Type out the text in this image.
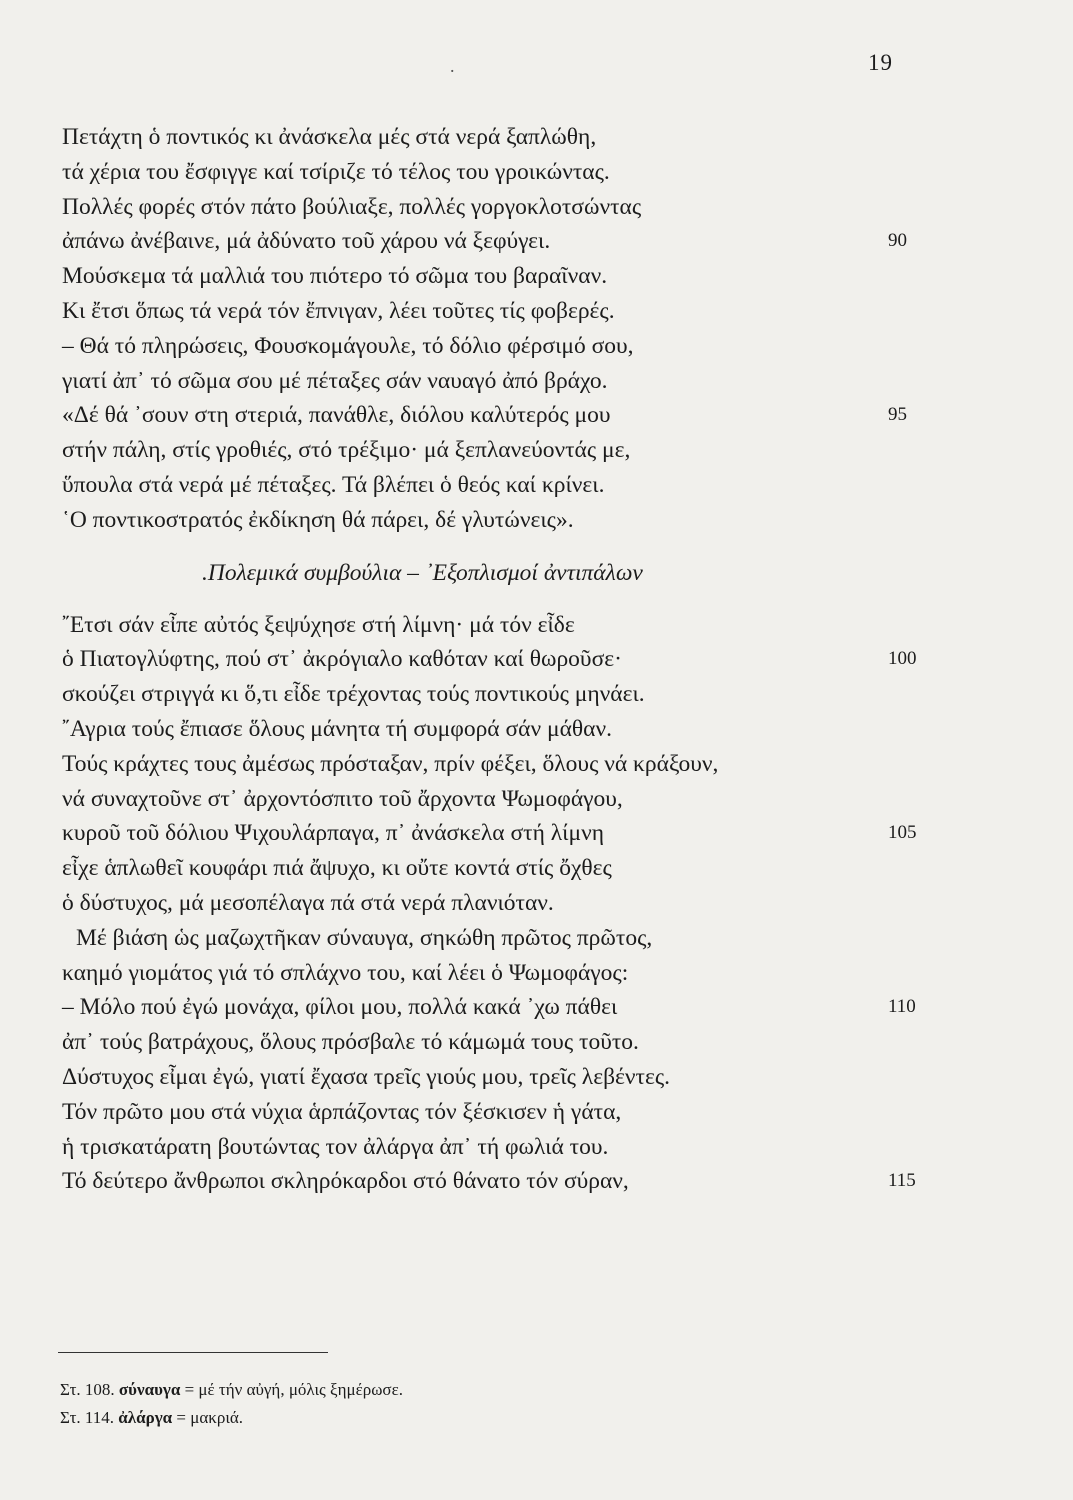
19
.
Πετάχτη ὁ ποντικός κι ἀνάσκελα μές στά νερά ξαπλώθη,
τά χέρια του ἔσφιγγε καί τσίριζε τό τέλος του γροικώντας.
Πολλές φορές στόν πάτο βούλιαξε, πολλές γοργοκλοτσώντας
ἀπάνω ἀνέβαινε, μά ἀδύνατο τοῦ χάρου νά ξεφύγει.	90
Μούσκεμα τά μαλλιά του πιότερο τό σῶμα του βαραῖναν.
Κι ἔτσι ὅπως τά νερά τόν ἔπνιγαν, λέει τοῦτες τίς φοβερές.
– Θά τό πληρώσεις, Φουσκομάγουλε, τό δόλιο φέρσιμό σου,
γιατί ἀπ᾽ τό σῶμα σου μέ πέταξες σάν ναυαγό ἀπό βράχο.
«Δέ θά ᾽σουν στη στεριά, πανάθλε, διόλου καλύτερός μου	95
στήν πάλη, στίς γροθιές, στό τρέξιμο· μά ξεπλανεύοντάς με,
ὕπουλα στά νερά μέ πέταξες. Τά βλέπει ὁ θεός καί κρίνει.
῾Ο ποντικοστρατός ἐκδίκηση θά πάρει, δέ γλυτώνεις».
.Πολεμικά συμβούλια – ᾽Εξοπλισμοί ἀντιπάλων
῎Ετσι σάν εἶπε αὐτός ξεψύχησε στή λίμνη· μά τόν εἶδε
ὁ Πιατογλύφτης, πού στ᾽ ἀκρόγιαλο καθόταν καί θωροῦσε·	100
σκούζει στριγγά κι ὅ,τι εἶδε τρέχοντας τούς ποντικούς μηνάει.
῎Αγρια τούς ἔπιασε ὅλους μάνητα τή συμφορά σάν μάθαν.
Τούς κράχτες τους ἀμέσως πρόσταξαν, πρίν φέξει, ὅλους νά κράξουν,
νά συναχτοῦνε στ᾽ ἀρχοντόσπιτο τοῦ ἄρχοντα Ψωμοφάγου,
κυροῦ τοῦ δόλιου Ψιχουλάρπαγα, π᾽ ἀνάσκελα στή λίμνη	105
εἶχε ἁπλωθεῖ κουφάρι πιά ἄψυχο, κι οὔτε κοντά στίς ὄχθες
ὁ δύστυχος, μά μεσοπέλαγα πά στά νερά πλανιόταν.
Μέ βιάση ὡς μαζωχτῆκαν σύναυγα, σηκώθη πρῶτος πρῶτος,
καημό γιομάτος γιά τό σπλάχνο του, καί λέει ὁ Ψωμοφάγος:
– Μόλο πού ἐγώ μονάχα, φίλοι μου, πολλά κακά ᾽χω πάθει	110
ἀπ᾽ τούς βατράχους, ὅλους πρόσβαλε τό κάμωμά τους τοῦτο.
Δύστυχος εἶμαι ἐγώ, γιατί ἔχασα τρεῖς γιούς μου, τρεῖς λεβέντες.
Τόν πρῶτο μου στά νύχια ἁρπάζοντας τόν ξέσκισεν ἡ γάτα,
ἡ τρισκατάρατη βουτώντας τον ἀλάργα ἀπ᾽ τή φωλιά του.
Τό δεύτερο ἄνθρωποι σκληρόκαρδοι στό θάνατο τόν σύραν,	115
Στ. 108. σύναυγα = μέ τήν αὐγή, μόλις ξημέρωσε.
Στ. 114. ἀλάργα = μακριά.
